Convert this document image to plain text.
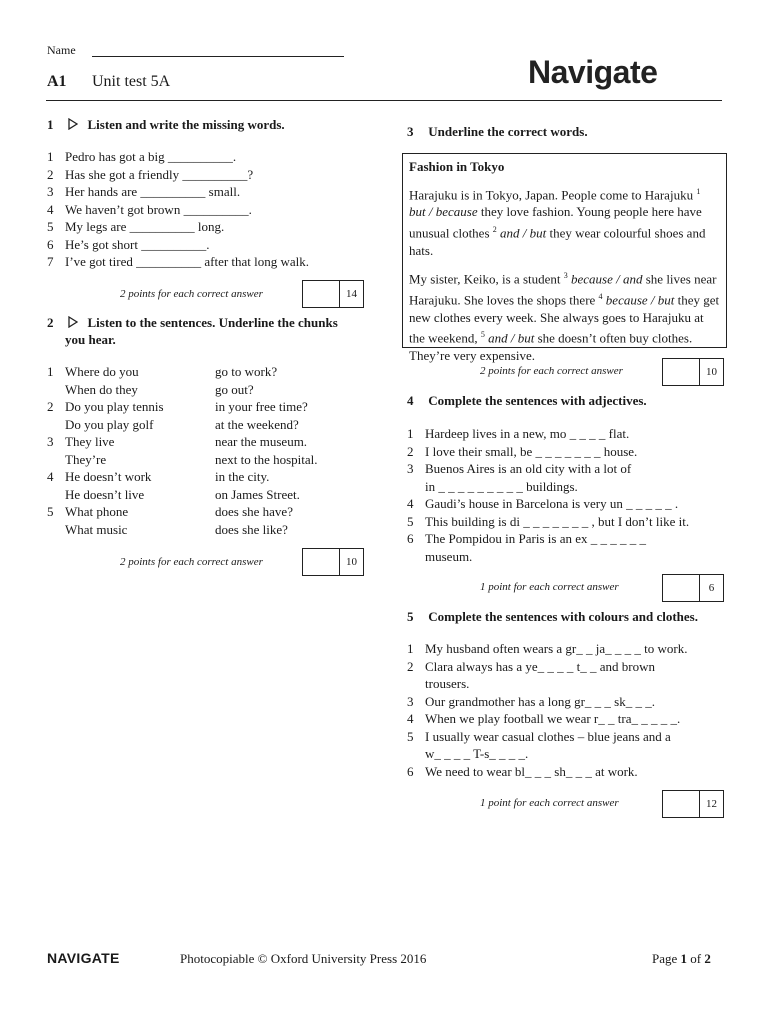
Name
A1 Unit test 5A	Navigate
1	Listen and write the missing words.
1 Pedro has got a big __________.
2 Has she got a friendly __________?
3 Her hands are __________ small.
4 We haven’t got brown __________.
5 My legs are __________ long.
6 He’s got short __________.
7 I’ve got tired __________ after that long walk.
2 points for each correct answer	14
2	Listen to the sentences. Underline the chunks
you hear.
1 Where do you	go to work?
When do they	go out?
2 Do you play tennis	in your free time?
Do you play golf	at the weekend?
3 They live	near the museum.
They’re	next to the hospital.
4 He doesn’t work	in the city.
He doesn’t live	on James Street.
5 What phone	does she have?
What music	does she like?
2 points for each correct answer	10
3 Underline the correct words.
Fashion in Tokyo

Harajuku is in Tokyo, Japan. People come to Harajuku $^1$ but / because they love fashion. Young people here have unusual clothes $^2$ and / but they wear colourful shoes and hats.

My sister, Keiko, is a student $^3$ because / and she lives near Harajuku. She loves the shops there $^4$ because / but they get new clothes every week. She always goes to Harajuku at the weekend, $^5$ and / but she doesn’t often buy clothes. They’re very expensive.

2 points for each correct answer	10
4 Complete the sentences with adjectives.
1 Hardeep lives in a new, mo _ _ _ _ flat.
2 I love their small, be _ _ _ _ _ _ _ house.
3 Buenos Aires is an old city with a lot of
in _ _ _ _ _ _ _ _ _ buildings.
4 Gaudi’s house in Barcelona is very un _ _ _ _ _ .
5 This building is di _ _ _ _ _ _ _ , but I don’t like it.
6 The Pompidou in Paris is an ex _ _ _ _ _ _
museum.
1 point for each correct answer	6
5 Complete the sentences with colours and clothes.
1 My husband often wears a gr_ _ ja_ _ _ _ to work.
2 Clara always has a ye_ _ _ _ t_ _ and brown
trousers.
3 Our grandmother has a long gr_ _ _ sk_ _ _.
4 When we play football we wear r_ _ tra_ _ _ _ _.
5 I usually wear casual clothes – blue jeans and a
w_ _ _ _ T-s_ _ _ _.
6 We need to wear bl_ _ _ sh_ _ _ at work.
1 point for each correct answer	12
NAVIGATE	Photocopiable © Oxford University Press 2016	Page 1 of 2
